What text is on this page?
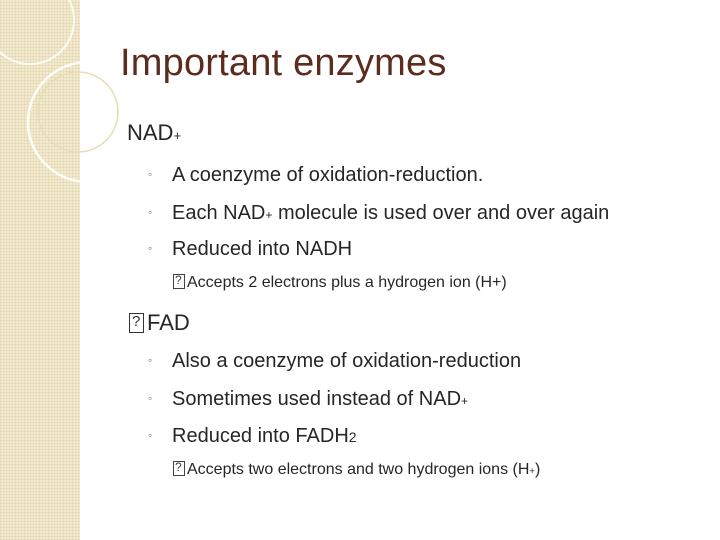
Important enzymes
NAD+
◦ A coenzyme of oxidation-reduction.
◦ Each NAD+ molecule is used over and over again
◦ Reduced into NADH
?Accepts 2 electrons plus a hydrogen ion (H+)
?FAD
◦ Also a coenzyme of oxidation-reduction
◦ Sometimes used instead of NAD+
◦ Reduced into $FADH_2$
?Accepts two electrons and two hydrogen ions (H+)
